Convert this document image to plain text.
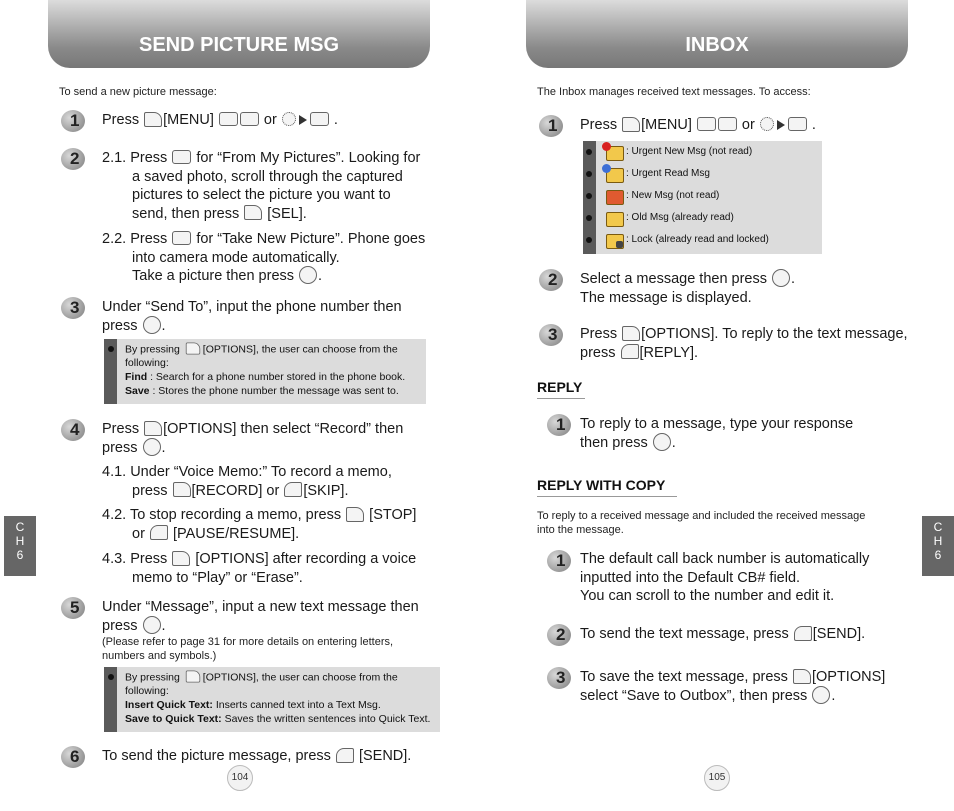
SEND PICTURE MSG
To send a new picture message:
1 Press [MENU]	or	.
2 2.1. Press for “From My Pictures”. Looking for
a saved photo, scroll through the captured
pictures to select the picture you want to
send, then press [SEL].
2.2. Press for “Take New Picture”. Phone goes
into camera mode automatically.
Take a picture then press .
3 Under “Send To”, input the phone number then
press .
By pressing [OPTIONS], the user can choose from the
following:
Find : Search for a phone number stored in the phone book.
Save : Stores the phone number the message was sent to.
4 Press [OPTIONS] then select “Record” then
press .
4.1. Under “Voice Memo:” To record a memo,
press [RECORD] or [SKIP].
4.2. To stop recording a memo, press [STOP]
or [PAUSE/RESUME].
4.3. Press [OPTIONS] after recording a voice
memo to “Play” or “Erase”.
5 Under “Message”, input a new text message then
press .
(Please refer to page 31 for more details on entering letters,
numbers and symbols.)
By pressing [OPTIONS], the user can choose from the
following:
Insert Quick Text: Inserts canned text into a Text Msg.
Save to Quick Text: Saves the written sentences into Quick Text.
6 To send the picture message, press [SEND].
C
H
6
104
INBOX
The Inbox manages received text messages. To access:
1 Press [MENU]	or	.
: Urgent New Msg (not read)
: Urgent Read Msg
: New Msg (not read)
: Old Msg (already read)
: Lock (already read and locked)
2 Select a message then press .
The message is displayed.
3 Press [OPTIONS]. To reply to the text message,
press [REPLY].
REPLY
1 To reply to a message, type your response
then press .
REPLY WITH COPY
To reply to a received message and included the received message
into the message.
1 The default call back number is automatically
inputted into the Default CB# field.
You can scroll to the number and edit it.
2 To send the text message, press [SEND].
3 To save the text message, press [OPTIONS]
select “Save to Outbox”, then press .
C
H
6
105
